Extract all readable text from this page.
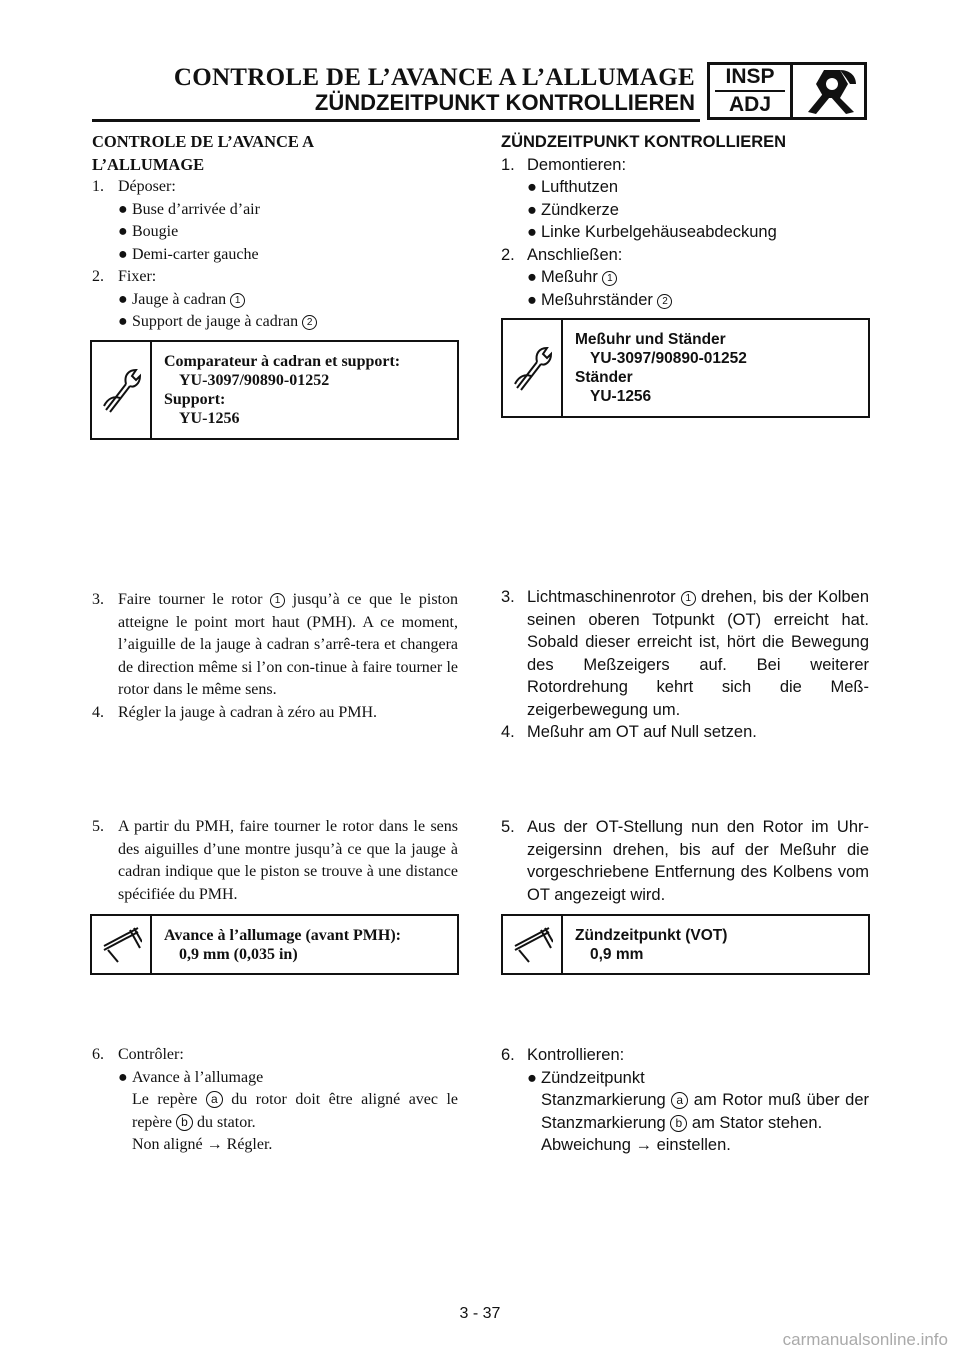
CONTROLE DE L’AVANCE A L’ALLUMAGE
ZÜNDZEITPUNKT KONTROLLIEREN
INSP
ADJ
CONTROLE DE L’AVANCE A
L’ALLUMAGE
1. Déposer:
● Buse d’arrivée d’air
● Bougie
● Demi-carter gauche
2. Fixer:
● Jauge à cadran 1
● Support de jauge à cadran 2
Comparateur à cadran et support:
YU-3097/90890-01252
Support:
YU-1256
3. Faire tourner le rotor 1 jusqu’à ce que le piston atteigne le point mort haut (PMH). A ce moment, l’aiguille de la jauge à cadran s’arrê-tera et changera de direction même si l’on con-tinue à faire tourner le rotor dans le même sens.
4. Régler la jauge à cadran à zéro au PMH.
5. A partir du PMH, faire tourner le rotor dans le sens des aiguilles d’une montre jusqu’à ce que la jauge à cadran indique que le piston se trouve à une distance spécifiée du PMH.
Avance à l’allumage (avant PMH):
0,9 mm (0,035 in)
6. Contrôler:
● Avance à l’allumage
Le repère a du rotor doit être aligné avec le repère b du stator.
Non aligné → Régler.
ZÜNDZEITPUNKT KONTROLLIEREN
1. Demontieren:
● Lufthutzen
● Zündkerze
● Linke Kurbelgehäuseabdeckung
2. Anschließen:
● Meßuhr 1
● Meßuhrständer 2
Meßuhr und Ständer
YU-3097/90890-01252
Ständer
YU-1256
3. Lichtmaschinenrotor 1 drehen, bis der Kolben seinen oberen Totpunkt (OT) erreicht hat. Sobald dieser erreicht ist, hört die Bewegung des Meßzeigers auf. Bei weiterer Rotordrehung kehrt sich die Meß-zeigerbewegung um.
4. Meßuhr am OT auf Null setzen.
5. Aus der OT-Stellung nun den Rotor im Uhr-zeigersinn drehen, bis auf der Meßuhr die vorgeschriebene Entfernung des Kolbens vom OT angezeigt wird.
Zündzeitpunkt (VOT)
0,9 mm
6. Kontrollieren:
● Zündzeitpunkt
Stanzmarkierung a am Rotor muß über der Stanzmarkierung b am Stator stehen.
Abweichung → einstellen.
3 - 37
carmanualsonline.info
